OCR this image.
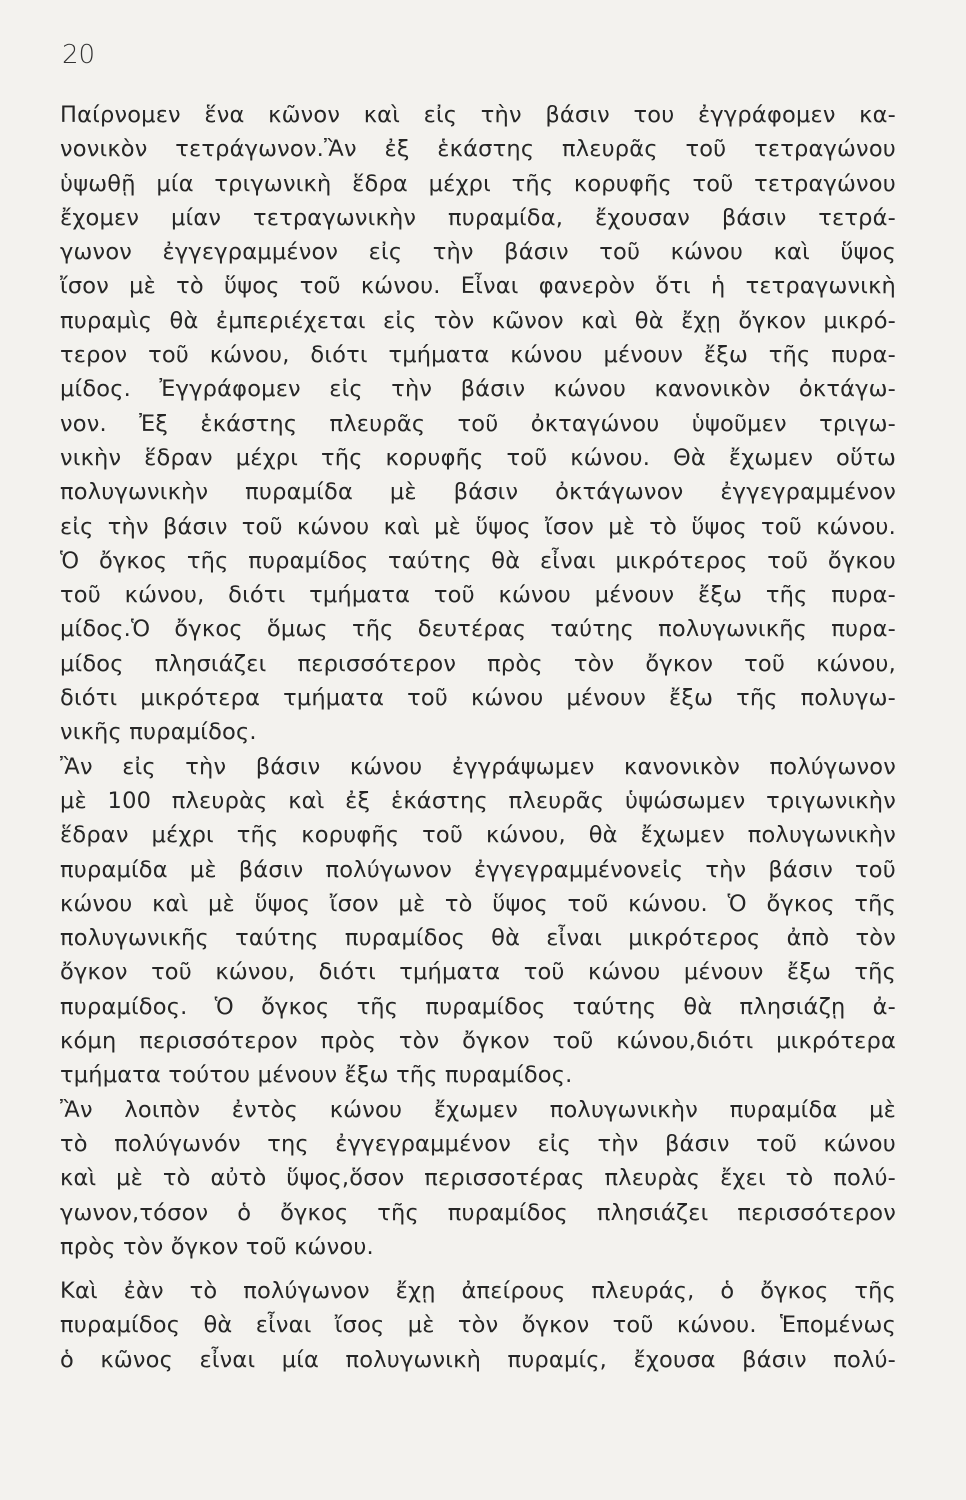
20
Παίρνομεν ἕνα κῶνον καὶ εἰς τὴν βάσιν του ἐγγράφομεν κα-
νονικὸν τετράγωνον.Ἂν ἐξ ἑκάστης πλευρᾶς τοῦ τετραγώνου
ὑψωθῇ μία τριγωνικὴ ἕδρα μέχρι τῆς κορυφῆς τοῦ τετραγώνου
ἔχομεν μίαν τετραγωνικὴν πυραμίδα, ἔχουσαν βάσιν τετρά-
γωνον ἐγγεγραμμένον εἰς τὴν βάσιν τοῦ κώνου καὶ ὕψος
ἴσον μὲ τὸ ὕψος τοῦ κώνου. Εἶναι φανερὸν ὅτι ἡ τετραγωνικὴ
πυραμὶς θὰ ἐμπεριέχεται εἰς τὸν κῶνον καὶ θὰ ἔχῃ ὄγκον μικρό-
τερον τοῦ κώνου, διότι τμήματα κώνου μένουν ἔξω τῆς πυρα-
μίδος. Ἐγγράφομεν εἰς τὴν βάσιν κώνου κανονικὸν ὀκτάγω-
νον. Ἐξ ἑκάστης πλευρᾶς τοῦ ὀκταγώνου ὑψοῦμεν τριγω-
νικὴν ἕδραν μέχρι τῆς κορυφῆς τοῦ κώνου. Θὰ ἔχωμεν οὕτω
πολυγωνικὴν πυραμίδα μὲ βάσιν ὀκτάγωνον ἐγγεγραμμένον
εἰς τὴν βάσιν τοῦ κώνου καὶ μὲ ὕψος ἴσον μὲ τὸ ὕψος τοῦ κώνου.
Ὁ ὄγκος τῆς πυραμίδος ταύτης θὰ εἶναι μικρότερος τοῦ ὄγκου
τοῦ κώνου, διότι τμήματα τοῦ κώνου μένουν ἔξω τῆς πυρα-
μίδος.Ὁ ὄγκος ὅμως τῆς δευτέρας ταύτης πολυγωνικῆς πυρα-
μίδος πλησιάζει περισσότερον πρὸς τὸν ὄγκον τοῦ κώνου,
διότι μικρότερα τμήματα τοῦ κώνου μένουν ἔξω τῆς πολυγω-
νικῆς πυραμίδος.
Ἂν εἰς τὴν βάσιν κώνου ἐγγράψωμεν κανονικὸν πολύγωνον
μὲ 100 πλευρὰς καὶ ἐξ ἑκάστης πλευρᾶς ὑψώσωμεν τριγωνικὴν
ἕδραν μέχρι τῆς κορυφῆς τοῦ κώνου, θὰ ἔχωμεν πολυγωνικὴν
πυραμίδα μὲ βάσιν πολύγωνον ἐγγεγραμμένονεἰς τὴν βάσιν τοῦ
κώνου καὶ μὲ ὕψος ἴσον μὲ τὸ ὕψος τοῦ κώνου. Ὁ ὄγκος τῆς
πολυγωνικῆς ταύτης πυραμίδος θὰ εἶναι μικρότερος ἀπὸ τὸν
ὄγκον τοῦ κώνου, διότι τμήματα τοῦ κώνου μένουν ἔξω τῆς
πυραμίδος. Ὁ ὄγκος τῆς πυραμίδος ταύτης θὰ πλησιάζῃ ἀ-
κόμη περισσότερον πρὸς τὸν ὄγκον τοῦ κώνου,διότι μικρότερα
τμήματα τούτου μένουν ἔξω τῆς πυραμίδος.
Ἂν λοιπὸν ἐντὸς κώνου ἔχωμεν πολυγωνικὴν πυραμίδα μὲ
τὸ πολύγωνόν της ἐγγεγραμμένον εἰς τὴν βάσιν τοῦ κώνου
καὶ μὲ τὸ αὐτὸ ὕψος,ὅσον περισσοτέρας πλευρὰς ἔχει τὸ πολύ-
γωνον,τόσον ὁ ὄγκος τῆς πυραμίδος πλησιάζει περισσότερον
πρὸς τὸν ὄγκον τοῦ κώνου.
Καὶ ἐὰν τὸ πολύγωνον ἔχῃ ἀπείρους πλευράς, ὁ ὄγκος τῆς
πυραμίδος θὰ εἶναι ἴσος μὲ τὸν ὄγκον τοῦ κώνου. Ἑπομένως
ὁ κῶνος εἶναι μία πολυγωνικὴ πυραμίς, ἔχουσα βάσιν πολύ-
